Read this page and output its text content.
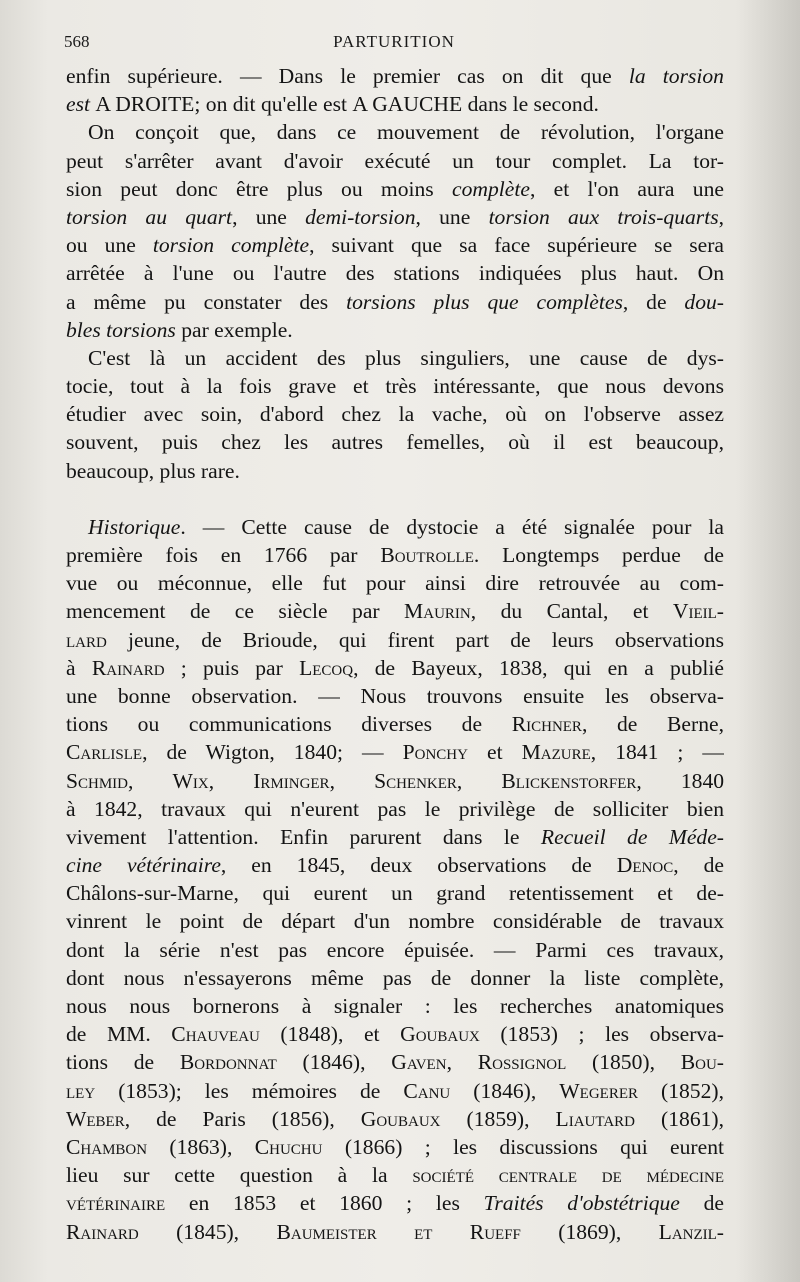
568	PARTURITION
enfin supérieure. — Dans le premier cas on dit que la torsion
est A DROITE; on dit qu'elle est A GAUCHE dans le second.
On conçoit que, dans ce mouvement de révolution, l'organe
peut s'arrêter avant d'avoir exécuté un tour complet. La tor-
sion peut donc être plus ou moins complète, et l'on aura une
torsion au quart, une demi-torsion, une torsion aux trois-quarts,
ou une torsion complète, suivant que sa face supérieure se sera
arrêtée à l'une ou l'autre des stations indiquées plus haut. On
a même pu constater des torsions plus que complètes, de dou-
bles torsions par exemple.
C'est là un accident des plus singuliers, une cause de dys-
tocie, tout à la fois grave et très intéressante, que nous devons
étudier avec soin, d'abord chez la vache, où on l'observe assez
souvent, puis chez les autres femelles, où il est beaucoup,
beaucoup, plus rare.
Historique. — Cette cause de dystocie a été signalée pour la
première fois en 1766 par Boutrolle. Longtemps perdue de
vue ou méconnue, elle fut pour ainsi dire retrouvée au com-
mencement de ce siècle par Maurin, du Cantal, et Vieil-
lard jeune, de Brioude, qui firent part de leurs observations
à Rainard ; puis par Lecoq, de Bayeux, 1838, qui en a publié
une bonne observation. — Nous trouvons ensuite les observa-
tions ou communications diverses de Richner, de Berne,
Carlisle, de Wigton, 1840; — Ponchy et Mazure, 1841 ; —
Schmid, Wix, Irminger, Schenker, Blickenstorfer, 1840
à 1842, travaux qui n'eurent pas le privilège de solliciter bien
vivement l'attention. Enfin parurent dans le Recueil de Méde-
cine vétérinaire, en 1845, deux observations de Denoc, de
Châlons-sur-Marne, qui eurent un grand retentissement et de-
vinrent le point de départ d'un nombre considérable de travaux
dont la série n'est pas encore épuisée. — Parmi ces travaux,
dont nous n'essayerons même pas de donner la liste complète,
nous nous bornerons à signaler : les recherches anatomiques
de MM. Chauveau (1848), et Goubaux (1853) ; les observa-
tions de Bordonnat (1846), Gaven, Rossignol (1850), Bou-
ley (1853); les mémoires de Canu (1846), Wegerer (1852),
Weber, de Paris (1856), Goubaux (1859), Liautard (1861),
Chambon (1863), Chuchu (1866) ; les discussions qui eurent
lieu sur cette question à la société centrale de médecine
vétérinaire en 1853 et 1860 ; les Traités d'obstétrique de
Rainard (1845), Baumeister et Rueff (1869), Lanzil-
